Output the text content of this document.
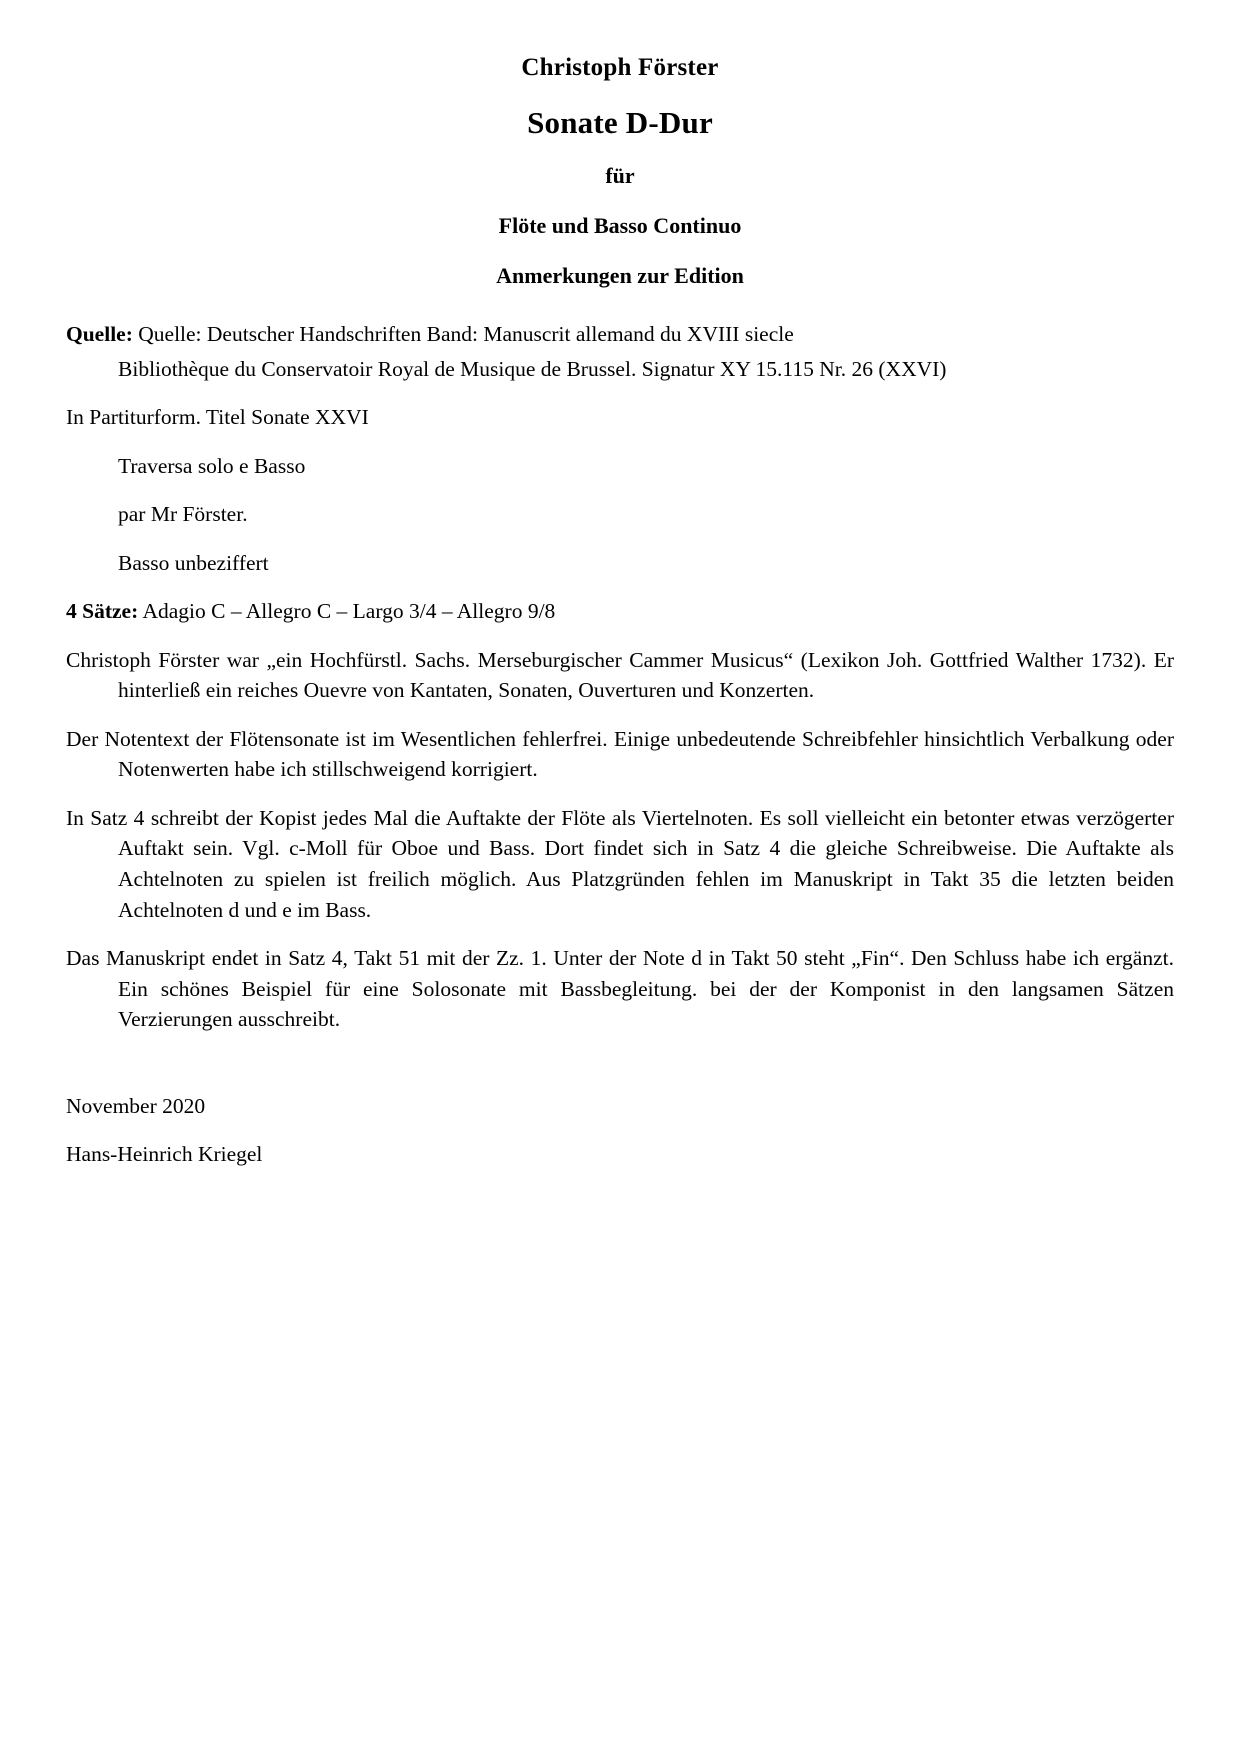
Christoph Förster
Sonate D-Dur
für
Flöte und Basso Continuo
Anmerkungen zur Edition
Quelle: Quelle: Deutscher Handschriften Band: Manuscrit allemand du XVIII siecle
Bibliothèque du Conservatoir Royal de Musique de Brussel. Signatur XY 15.115 Nr. 26 (XXVI)
In Partiturform. Titel Sonate XXVI
Traversa solo e Basso
par Mr Förster.
Basso unbeziffert
4 Sätze: Adagio C – Allegro C – Largo 3/4 – Allegro 9/8
Christoph Förster war „ein Hochfürstl. Sachs. Merseburgischer Cammer Musicus“ (Lexikon Joh. Gottfried Walther 1732). Er hinterließ ein reiches Ouevre von Kantaten, Sonaten, Ouverturen und Konzerten.
Der Notentext der Flötensonate ist im Wesentlichen fehlerfrei. Einige unbedeutende Schreibfehler hinsichtlich Verbalkung oder Notenwerten habe ich stillschweigend korrigiert.
In Satz 4 schreibt der Kopist jedes Mal die Auftakte der Flöte als Viertelnoten. Es soll vielleicht ein betonter etwas verzögerter Auftakt sein. Vgl. c-Moll für Oboe und Bass. Dort findet sich in Satz 4 die gleiche Schreibweise. Die Auftakte als Achtelnoten zu spielen ist freilich möglich. Aus Platzgründen fehlen im Manuskript in Takt 35 die letzten beiden Achtelnoten d und e im Bass.
Das Manuskript endet in Satz 4, Takt 51 mit der Zz. 1. Unter der Note d in Takt 50 steht „Fin“. Den Schluss habe ich ergänzt. Ein schönes Beispiel für eine Solosonate mit Bassbegleitung. bei der der Komponist in den langsamen Sätzen Verzierungen ausschreibt.
November 2020
Hans-Heinrich Kriegel
